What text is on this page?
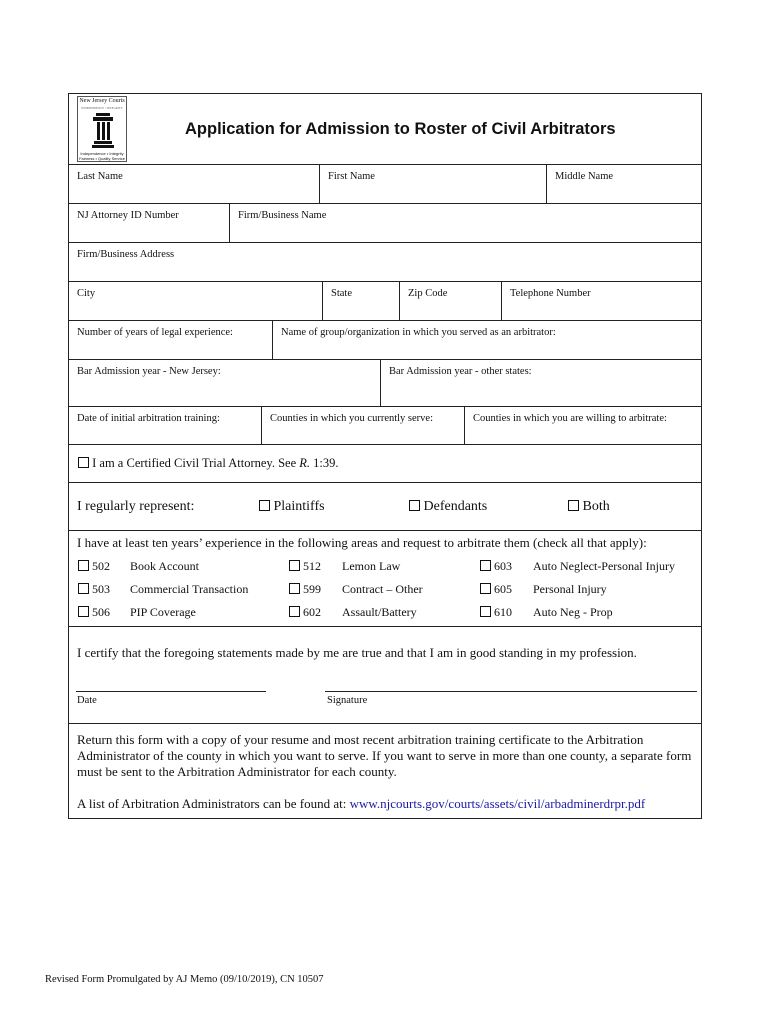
New Jersey Courts
INDEPENDENCE • INTEGRITY
Independence • Integrity
Fairness • Quality Service
Application for Admission to Roster of Civil Arbitrators
Last Name	First Name	Middle Name
NJ Attorney ID Number	Firm/Business Name
Firm/Business Address
City	State	Zip Code	Telephone Number
Number of years of legal experience:	Name of group/organization in which you served as an arbitrator:
Bar Admission year - New Jersey:	Bar Admission year - other states:
Date of initial arbitration training:	Counties in which you currently serve:	Counties in which you are willing to arbitrate:
I am a Certified Civil Trial Attorney. See R. 1:39.
I regularly represent:	Plaintiffs	Defendants	Both
I have at least ten years’ experience in the following areas and request to arbitrate them (check all that apply):
502 Book Account	512 Lemon Law	603 Auto Neglect-Personal Injury
503 Commercial Transaction	599 Contract – Other	605 Personal Injury
506 PIP Coverage	602 Assault/Battery	610 Auto Neg - Prop
I certify that the foregoing statements made by me are true and that I am in good standing in my profession.
Date	Signature
Return this form with a copy of your resume and most recent arbitration training certificate to the Arbitration Administrator of the county in which you want to serve. If you want to serve in more than one county, a separate form must be sent to the Arbitration Administrator for each county.
A list of Arbitration Administrators can be found at: www.njcourts.gov/courts/assets/civil/arbadminerdrpr.pdf
Revised Form Promulgated by AJ Memo (09/10/2019), CN 10507
